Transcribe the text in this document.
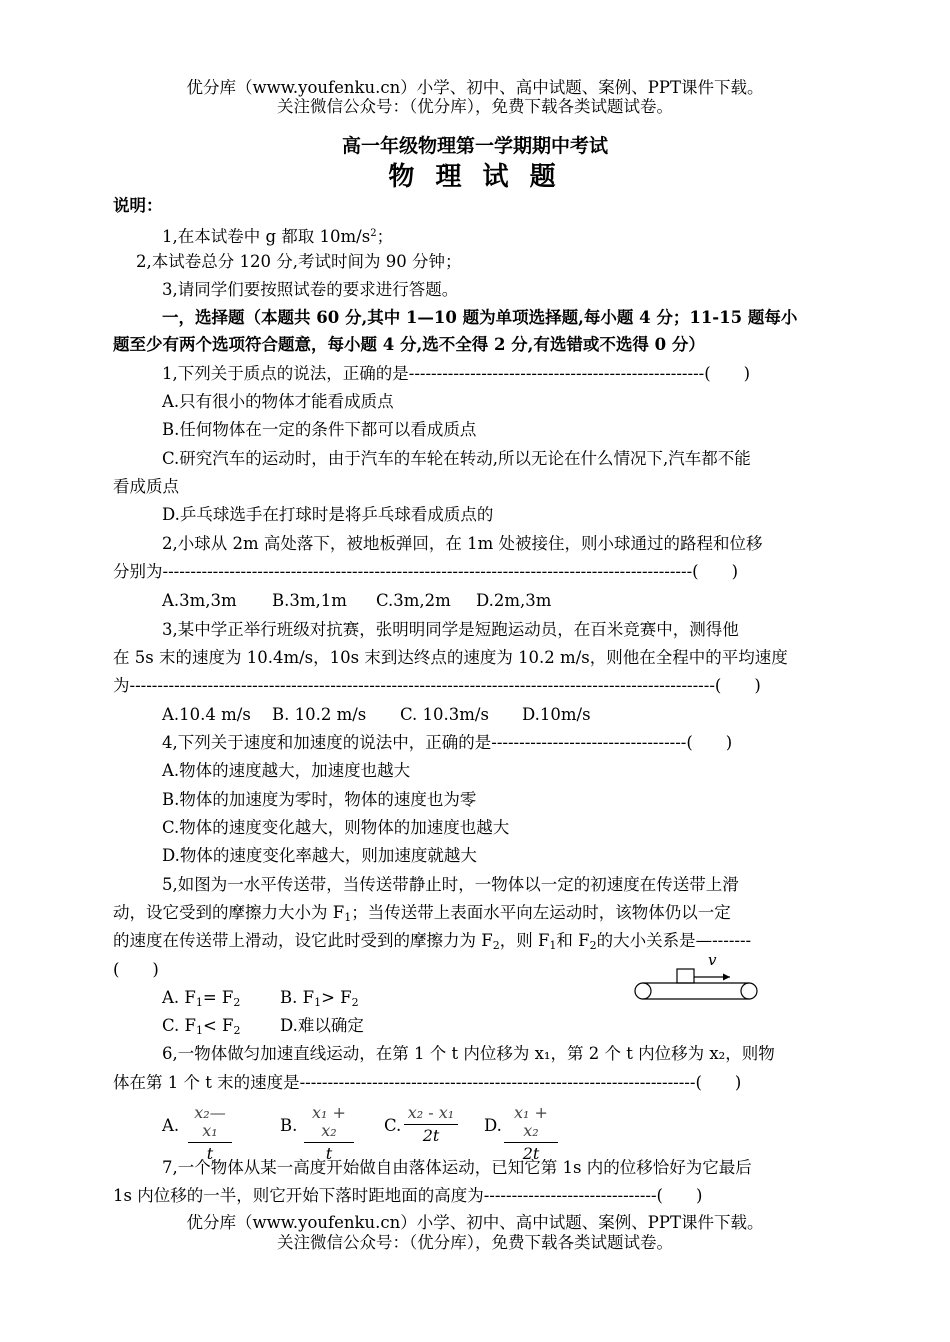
优分库（www.youfenku.cn）小学、初中、高中试题、案例、PPT课件下载。
关注微信公众号：（优分库），免费下载各类试题试卷。
高一年级物理第一学期期中考试
物 理 试 题
说明：
1,在本试卷中 g 都取 $10m/s^2$；
2,本试卷总分 120 分,考试时间为 90 分钟；
3,请同学们要按照试卷的要求进行答题。
一，选择题（本题共 60 分,其中 1—10 题为单项选择题,每小题 4 分；11-15 题每小
题至少有两个选项符合题意，每小题 4 分,选不全得 2 分,有选错或不选得 0 分）
1,下列关于质点的说法，正确的是-----------------------------------------------------(　　)
A.只有很小的物体才能看成质点
B.任何物体在一定的条件下都可以看成质点
C.研究汽车的运动时，由于汽车的车轮在转动,所以无论在什么情况下,汽车都不能
看成质点
D.乒乓球选手在打球时是将乒乓球看成质点的
2,小球从 2m 高处落下，被地板弹回，在 1m 处被接住，则小球通过的路程和位移
分别为-----------------------------------------------------------------------------------------------(　　)
A.3m,3m B.3m,1m C.3m,2m D.2m,3m
3,某中学正举行班级对抗赛，张明明同学是短跑运动员，在百米竞赛中，测得他
在 5s 末的速度为 10.4m/s，10s 末到达终点的速度为 10.2 m/s，则他在全程中的平均速度
为---------------------------------------------------------------------------------------------------------(　　)
A.10.4 m/s B. 10.2 m/s C. 10.3m/s D.10m/s
4,下列关于速度和加速度的说法中，正确的是-----------------------------------(　　)
A.物体的速度越大，加速度也越大
B.物体的加速度为零时，物体的速度也为零
C.物体的速度变化越大，则物体的加速度也越大
D.物体的速度变化率越大，则加速度就越大
5,如图为一水平传送带，当传送带静止时，一物体以一定的初速度在传送带上滑
动，设它受到的摩擦力大小为 $F_1$；当传送带上表面水平向左运动时，该物体仍以一定
的速度在传送带上滑动，设它此时受到的摩擦力为 $F_2$，则 $F_1$和 $F_2$的大小关系是—-------
(　　)
A. $F_1= F_2$ B. $F_1> F_2$
C. $F_1< F_2$ D.难以确定
v
6,一物体做匀加速直线运动，在第 1 个 t 内位移为 x₁，第 2 个 t 内位移为 x₂，则物
体在第 1 个 t 末的速度是-----------------------------------------------------------------------(　　)
A. $\frac{\text{x₂—x₁}}{t}$	B. $\frac{\text{x₁ + x₂}}{t} C$. $\frac{\text{x₂ - x₁}}{2t} D$. $\frac{\text{x₁ + x₂}}{2t}$
7,一个物体从某一高度开始做自由落体运动，已知它第 1s 内的位移恰好为它最后
1s 内位移的一半，则它开始下落时距地面的高度为-------------------------------(　　)
优分库（www.youfenku.cn）小学、初中、高中试题、案例、PPT课件下载。
关注微信公众号：（优分库），免费下载各类试题试卷。
